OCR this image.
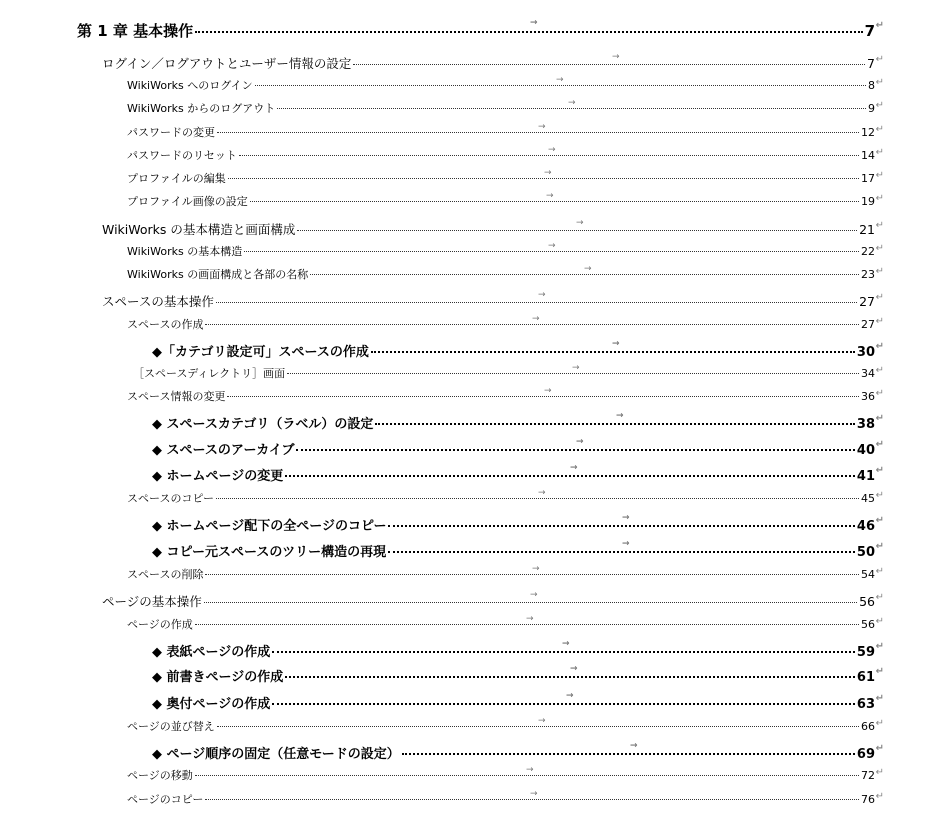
第 1 章 基本操作	7 ↵
→
ログイン／ログアウトとユーザー情報の設定	7 ↵
→
WikiWorks へのログイン	8 ↵
→
WikiWorks からのログアウト	9 ↵
→
パスワードの変更	12 ↵
→
パスワードのリセット	14 ↵
→
プロファイルの編集	17 ↵
→
プロファイル画像の設定	19 ↵
→
WikiWorks の基本構造と画面構成	21 ↵
→
WikiWorks の基本構造	22 ↵
→
WikiWorks の画面構成と各部の名称	23 ↵
→
スペースの基本操作	27 ↵
→
スペースの作成	27 ↵
→
◆「カテゴリ設定可」スペースの作成	30 ↵
→
［スペースディレクトリ］画面	34 ↵
→
スペース情報の変更	36 ↵
→
◆ スペースカテゴリ（ラベル）の設定	38 ↵
→
◆ スペースのアーカイブ	40 ↵
→
◆ ホームページの変更	41 ↵
→
スペースのコピー	45 ↵
→
◆ ホームページ配下の全ページのコピー	46 ↵
→
◆ コピー元スペースのツリー構造の再現	50 ↵
→
スペースの削除	54 ↵
→
ページの基本操作	56 ↵
→
ページの作成	56 ↵
→
◆ 表紙ページの作成	59 ↵
→
◆ 前書きページの作成	61 ↵
→
◆ 奥付ページの作成	63 ↵
→
ページの並び替え	66 ↵
→
◆ ページ順序の固定（任意モードの設定）	69 ↵
→
ページの移動	72 ↵
→
ページのコピー	76 ↵
→
